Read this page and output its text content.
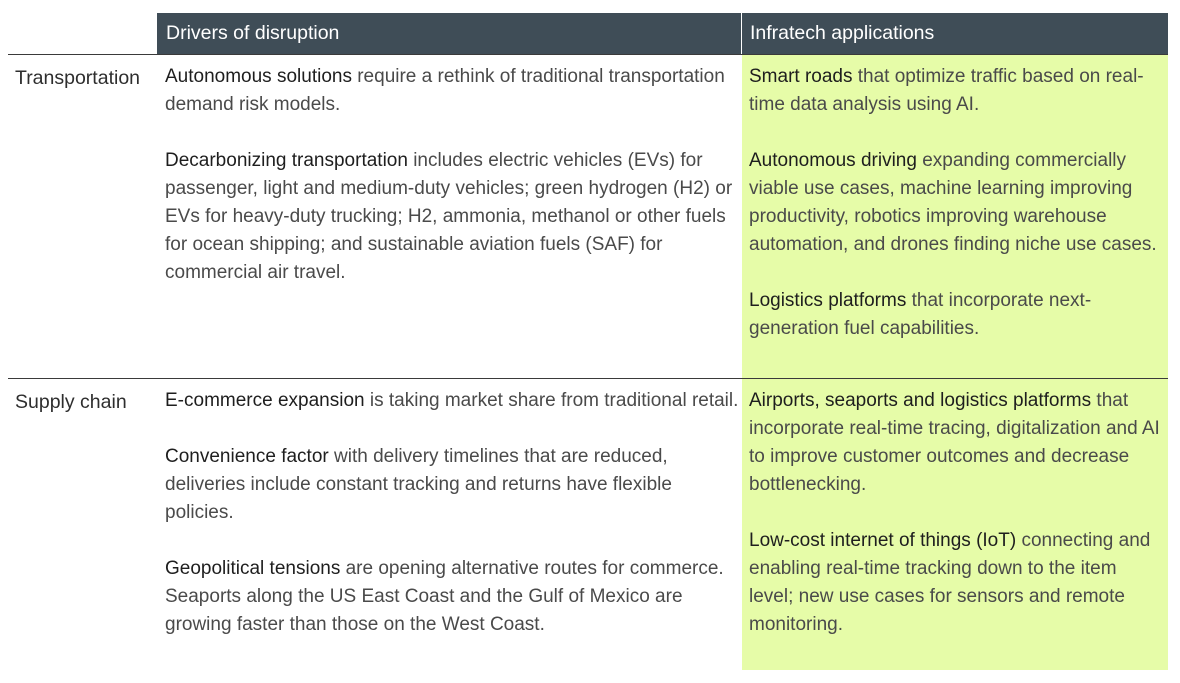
Drivers of disruption	Infratech applications
Transportation Autonomous solutions require a rethink of traditional transportation demand risk models.

Decarbonizing transportation includes electric vehicles (EVs) for passenger, light and medium-duty vehicles; green hydrogen (H2) or EVs for heavy-duty trucking; H2, ammonia, methanol or other fuels for ocean shipping; and sustainable aviation fuels (SAF) for commercial air travel.

Smart roads that optimize traffic based on real-time data analysis using AI.

Autonomous driving expanding commercially viable use cases, machine learning improving productivity, robotics improving warehouse automation, and drones finding niche use cases.

Logistics platforms that incorporate next-generation fuel capabilities.

Supply chain E-commerce expansion is taking market share from traditional retail.

Convenience factor with delivery timelines that are reduced, deliveries include constant tracking and returns have flexible policies.

Geopolitical tensions are opening alternative routes for commerce. Seaports along the US East Coast and the Gulf of Mexico are growing faster than those on the West Coast.

Airports, seaports and logistics platforms that incorporate real-time tracing, digitalization and AI to improve customer outcomes and decrease bottlenecking.

Low-cost internet of things (IoT) connecting and enabling real-time tracking down to the item level; new use cases for sensors and remote monitoring.
